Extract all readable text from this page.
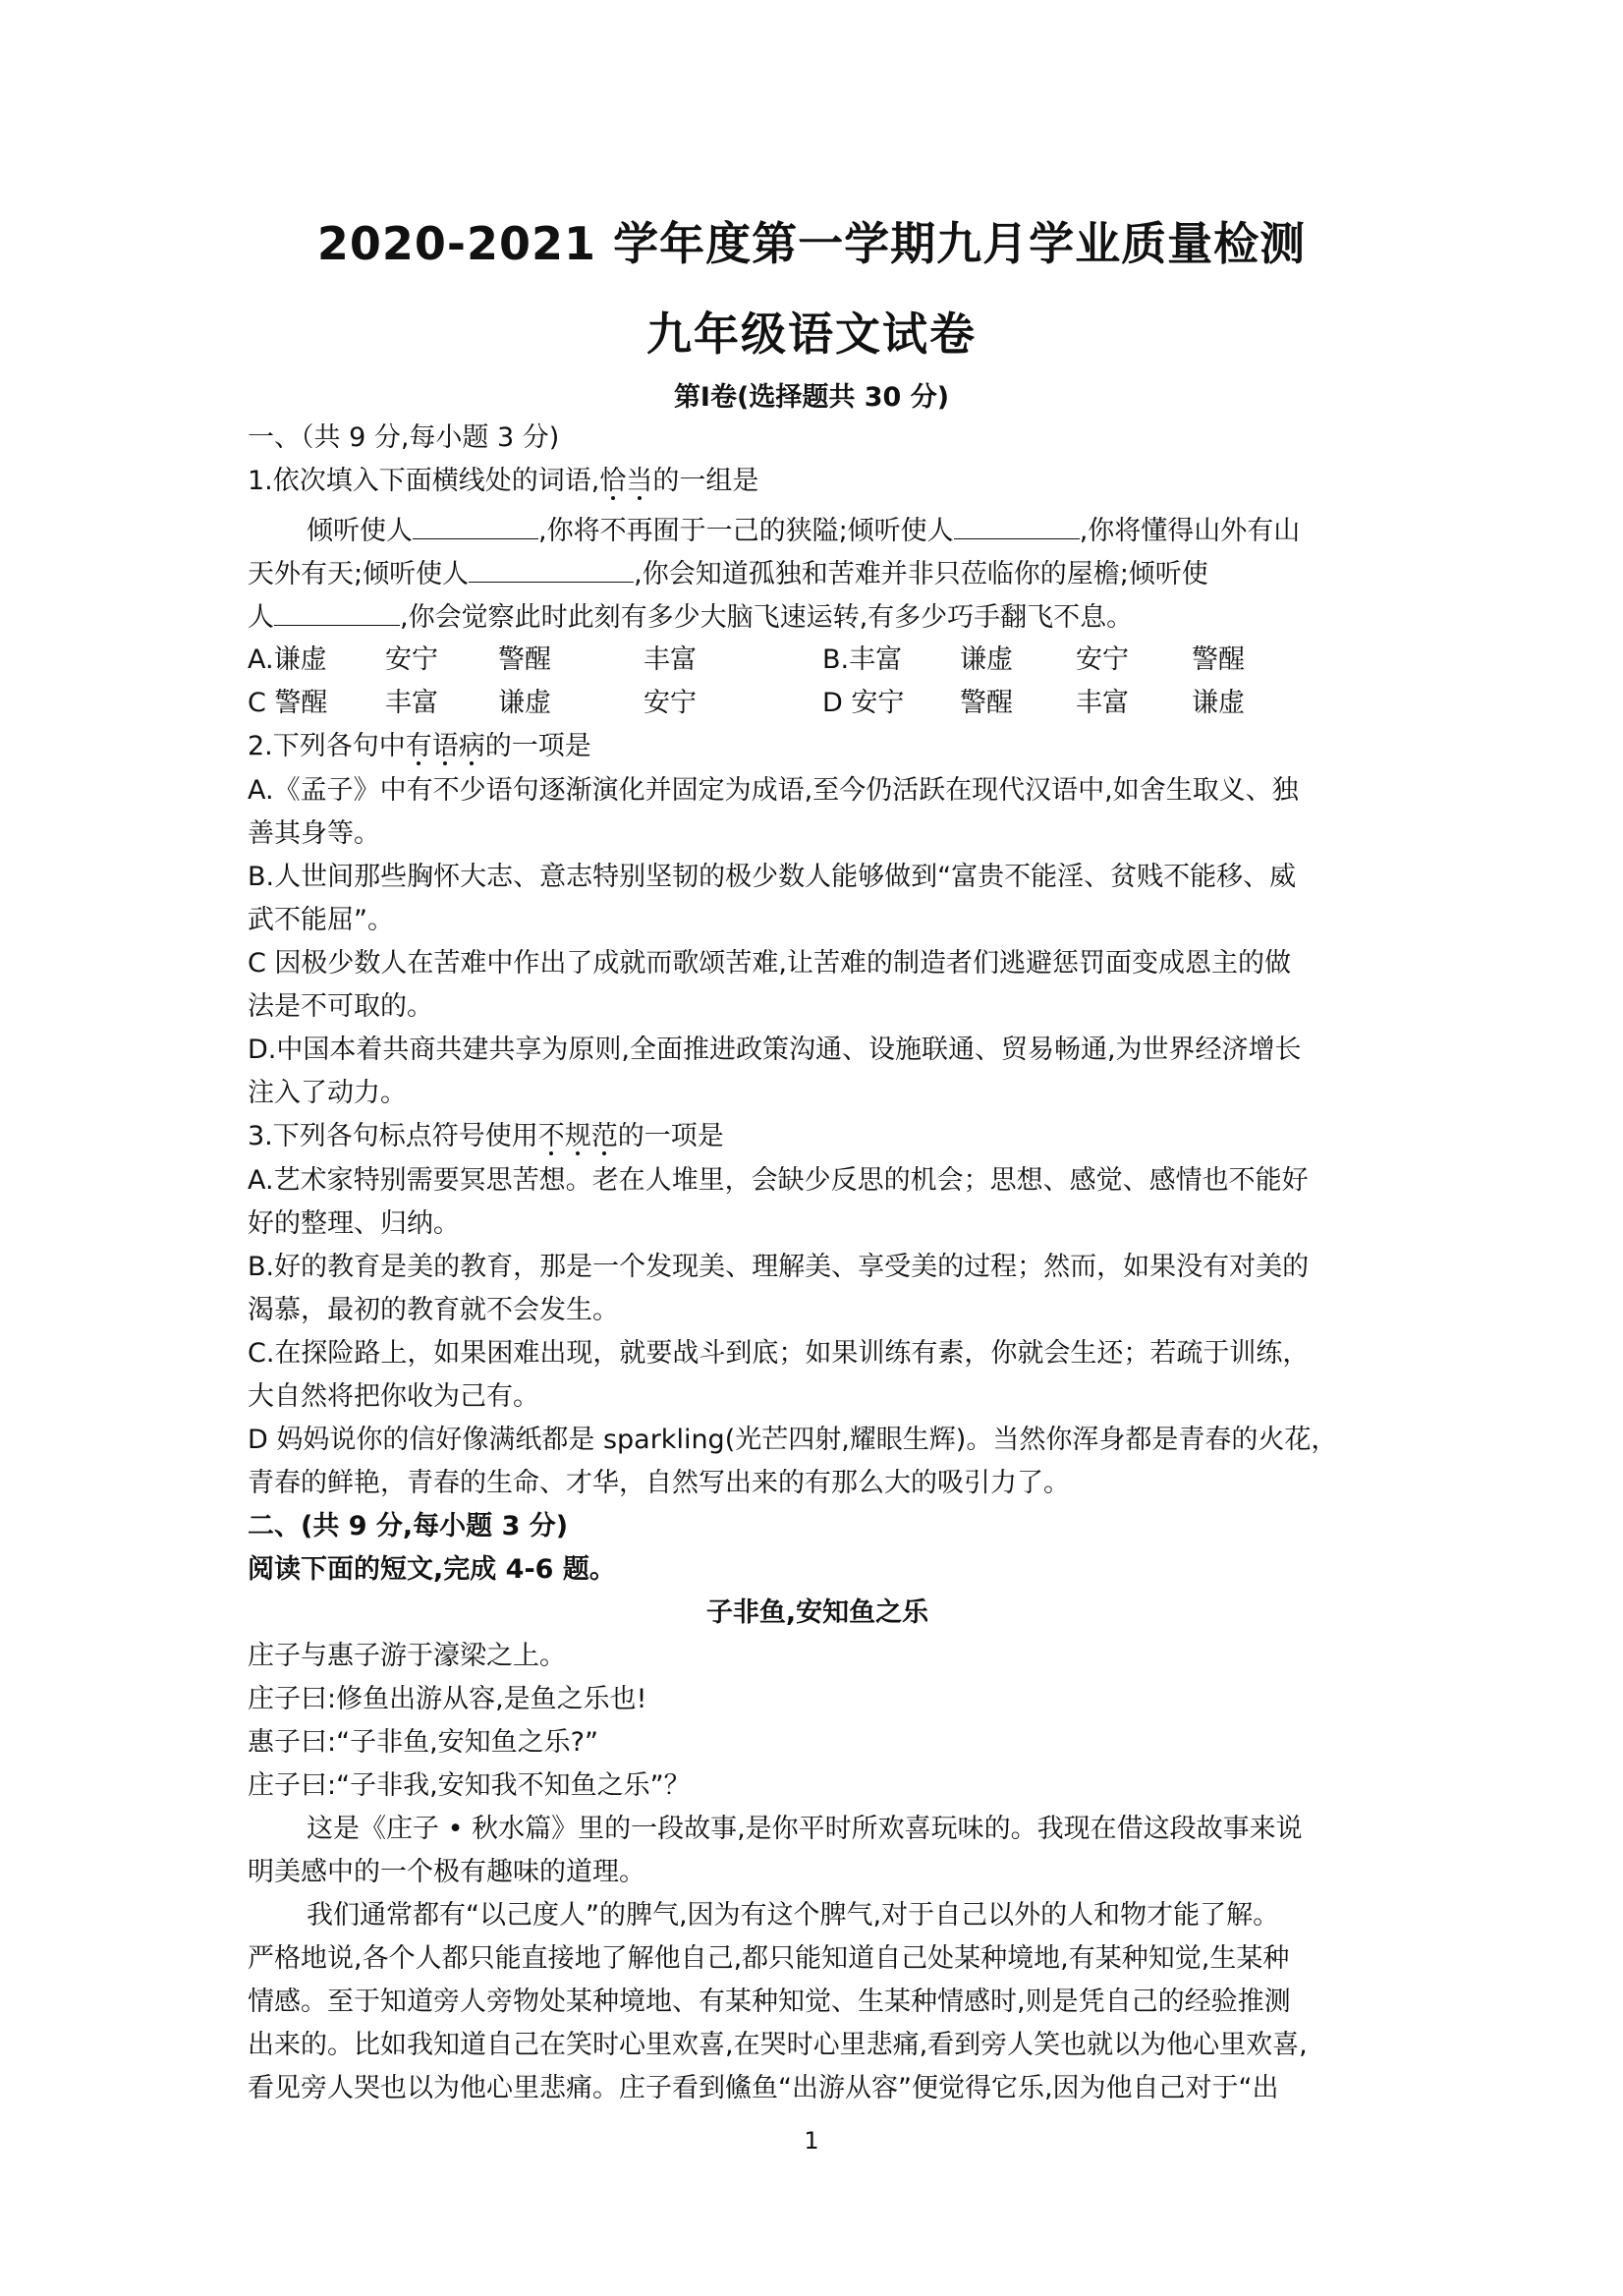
2020-2021 学年度第一学期九月学业质量检测
九年级语文试卷
第Ⅰ卷(选择题共 30 分)
一、（共 9 分,每小题 3 分)
1.依次填入下面横线处的词语,恰当的一组是
倾听使人	,你将不再囿于一己的狭隘;倾听使人	,你将懂得山外有山
天外有天;倾听使人	,你会知道孤独和苦难并非只莅临你的屋檐;倾听使
人	,你会觉察此时此刻有多少大脑飞速运转,有多少巧手翻飞不息。
A.谦虚 安宁 警醒	丰富	B.丰富 谦虚 安宁 警醒
C 警醒 丰富 谦虚	安宁	D 安宁 警醒 丰富 谦虚
2.下列各句中有语病的一项是
A.《孟子》中有不少语句逐渐演化并固定为成语,至今仍活跃在现代汉语中,如舍生取义、独
善其身等。
B.人世间那些胸怀大志、意志特别坚韧的极少数人能够做到“富贵不能淫、贫贱不能移、威
武不能屈”。
C 因极少数人在苦难中作出了成就而歌颂苦难,让苦难的制造者们逃避惩罚面变成恩主的做
法是不可取的。
D.中国本着共商共建共享为原则,全面推进政策沟通、设施联通、贸易畅通,为世界经济增长
注入了动力。
3.下列各句标点符号使用不规范的一项是
A.艺术家特别需要冥思苦想。老在人堆里，会缺少反思的机会；思想、感觉、感情也不能好
好的整理、归纳。
B.好的教育是美的教育，那是一个发现美、理解美、享受美的过程；然而，如果没有对美的
渴慕，最初的教育就不会发生。
C.在探险路上，如果困难出现，就要战斗到底；如果训练有素，你就会生还；若疏于训练，
大自然将把你收为己有。
D 妈妈说你的信好像满纸都是 sparkling(光芒四射,耀眼生辉)。当然你浑身都是青春的火花，
青春的鲜艳，青春的生命、才华，自然写出来的有那么大的吸引力了。
二、(共 9 分,每小题 3 分)
阅读下面的短文,完成 4-6 题。
子非鱼,安知鱼之乐
庄子与惠子游于濠梁之上。
庄子曰:修鱼出游从容,是鱼之乐也!
惠子曰:“子非鱼,安知鱼之乐?”
庄子曰:“子非我,安知我不知鱼之乐”？
这是《庄子 • 秋水篇》里的一段故事,是你平时所欢喜玩味的。我现在借这段故事来说
明美感中的一个极有趣味的道理。
我们通常都有“以己度人”的脾气,因为有这个脾气,对于自己以外的人和物才能了解。
严格地说,各个人都只能直接地了解他自己,都只能知道自己处某种境地,有某种知觉,生某种
情感。至于知道旁人旁物处某种境地、有某种知觉、生某种情感时,则是凭自己的经验推测
出来的。比如我知道自己在笑时心里欢喜,在哭时心里悲痛,看到旁人笑也就以为他心里欢喜,
看见旁人哭也以为他心里悲痛。庄子看到鯈鱼“出游从容”便觉得它乐,因为他自己对于“出
1
